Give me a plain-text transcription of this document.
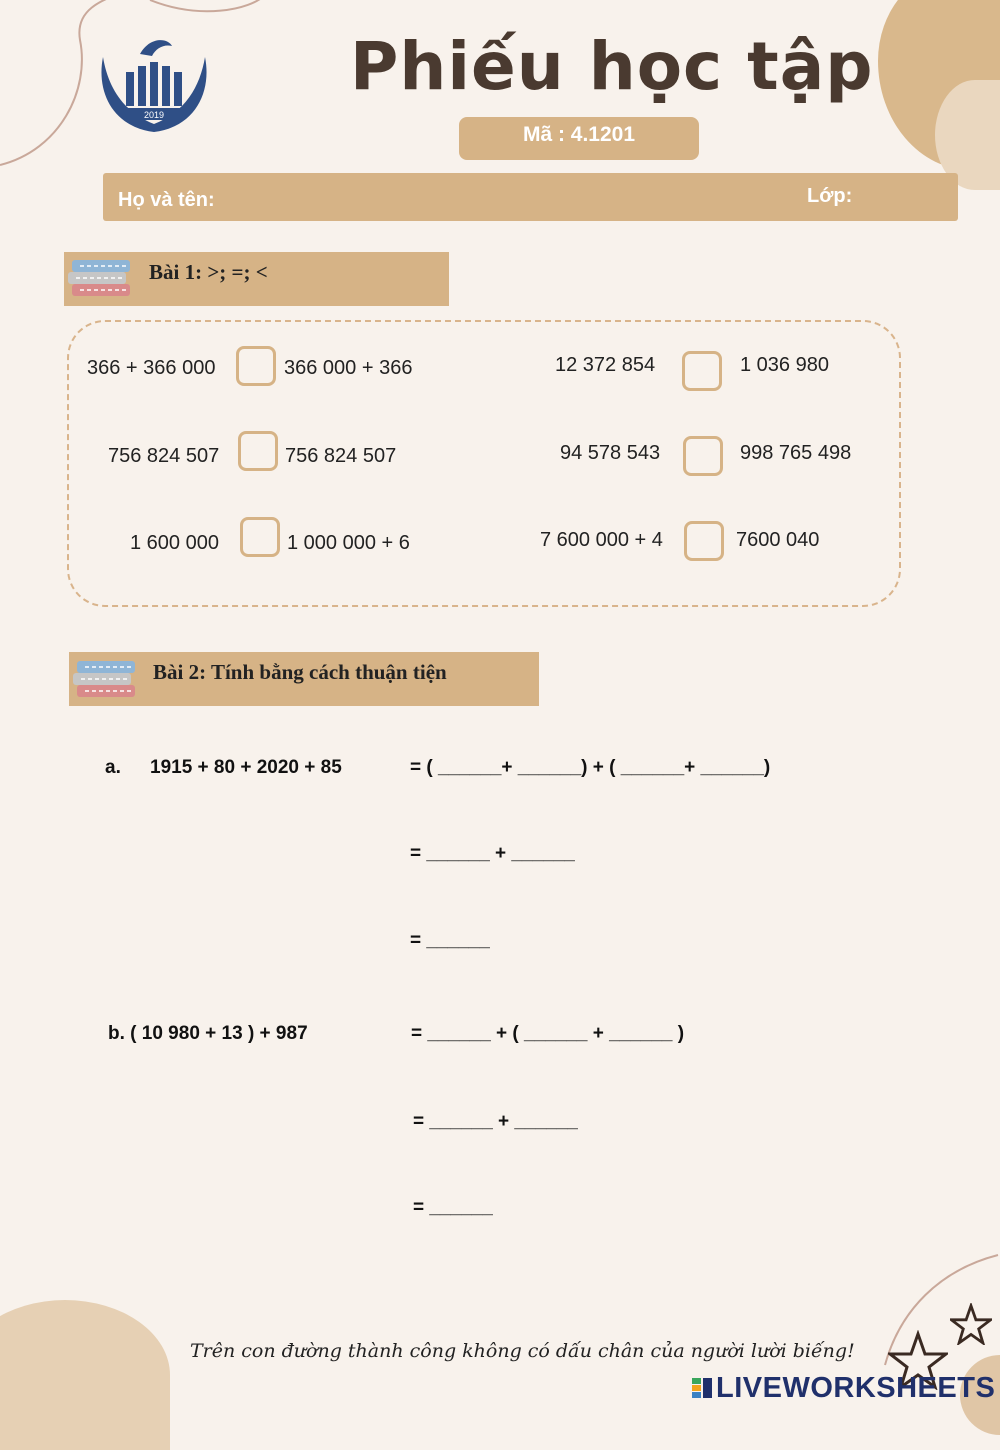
2019
Phiếu học tập
Mã : 4.1201
Họ và tên:	Lớp:
Bài 1: >; =; <
366 + 366 000	366 000 + 366	12 372 854	1 036 980
756 824 507	756 824 507	94 578 543	998 765 498
1 600 000	1 000 000 + 6	7 600 000 + 4	7600 040
Bài 2: Tính bằng cách thuận tiện
a. 1915 + 80 + 2020 + 85	= ( ______+ ______) + ( ______+ ______)
= ______ + ______
= ______
b. ( 10 980 + 13 ) + 987	= ______ + ( ______ + ______ )
= ______ + ______
= ______
Trên con đường thành công không có dấu chân của người lười biếng!
LIVEWORKSHEETS
